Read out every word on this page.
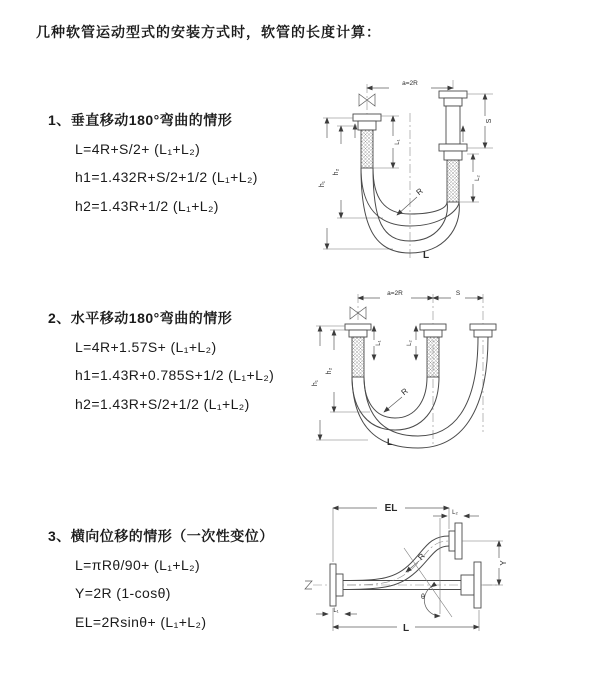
几种软管运动型式的安装方式时，软管的长度计算：
1、垂直移动180°弯曲的情形
L=4R+S/2+ (L₁+L₂)
h1=1.432R+S/2+1/2 (L₁+L₂)
h2=1.43R+1/2 (L₁+L₂)
2、水平移动180°弯曲的情形
L=4R+1.57S+ (L₁+L₂)
h1=1.43R+0.785S+1/2 (L₁+L₂)
h2=1.43R+S/2+1/2 (L₁+L₂)
3、横向位移的情形（一次性变位）
L=πRθ/90+ (L₁+L₂)
Y=2R (1-cosθ)
EL=2Rsinθ+ (L₁+L₂)
a=2R
S
L₂
L₁
h₁
h₂
R
L
a=2R	S
L₁	L₂
h₁
h₂
R
L
EL	L₂
Y
L
L₁
R
θ
